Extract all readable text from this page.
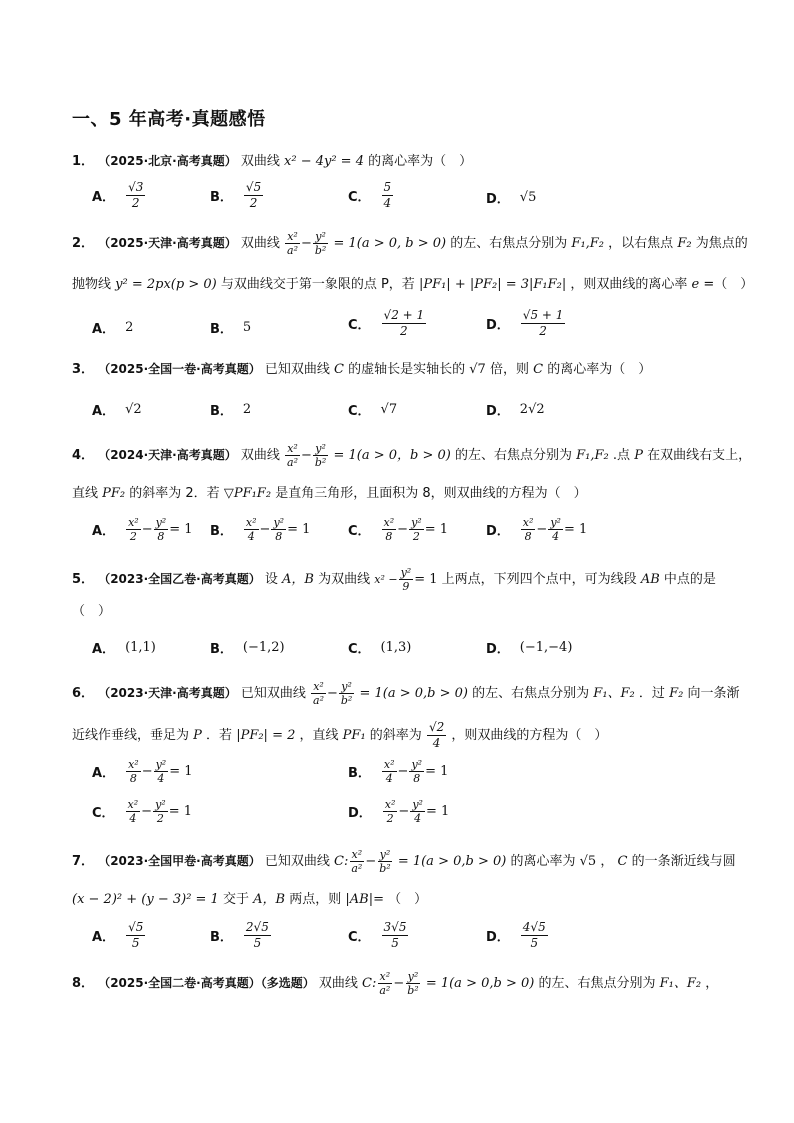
一、5 年高考·真题感悟
1． （2025·北京·高考真题） 双曲线 x² − 4y² = 4 的离心率为（　）
A． $\frac{√3}{2}$	B． $\frac{√5}{2}$	C． $\frac{5}{4}$	D． √5
2． （2025·天津·高考真题） 双曲线 $\frac{\text{x²}}{\text{a²}} - \frac{\text{y²}}{\text{b²}} = 1(a > 0$, b > 0) 的左、右焦点分别为 F₁,F₂ ，以右焦点 F₂ 为焦点的
抛物线 y² = 2px(p > 0) 与双曲线交于第一象限的点 P，若 |PF₁| + |PF₂| = 3|F₁F₂| ，则双曲线的离心率 e =（　）
A． 2	B． 5	C． $\frac{√2 + 1}{2}$	D． $\frac{√5 + 1}{2}$
3． （2025·全国一卷·高考真题） 已知双曲线 C 的虚轴长是实轴长的 √7 倍，则 C 的离心率为（　）
A． √2	B． 2	C． √7	D． 2√2
4． （2024·天津·高考真题） 双曲线 $\frac{\text{x²}}{\text{a²}} - \frac{\text{y²}}{\text{b²}} = 1(a > 0$，b > 0) 的左、右焦点分别为 F₁,F₂ .点 P 在双曲线右支上，
直线 PF₂ 的斜率为 2．若 ▽PF₁F₂ 是直角三角形，且面积为 8，则双曲线的方程为（　）
A． $\frac{\text{x²}}{2} - \frac{\text{y²}}{8} = 1$ B． $\frac{\text{x²}}{4} - \frac{\text{y²}}{8} = 1$	C． $\frac{\text{x²}}{8} - \frac{\text{y²}}{2} = 1$	D． $\frac{\text{x²}}{8} - \frac{\text{y²}}{4} = 1$
5． （2023·全国乙卷·高考真题） 设 A，B 为双曲线 $x^2 - \frac{\text{y²}}{9} = 1$ 上两点，下列四个点中，可为线段 AB 中点的是
（　）
A． (1,1)	B． (−1,2)	C． (1,3)	D． (−1,−4)
6． （2023·天津·高考真题） 已知双曲线 $\frac{\text{x²}}{\text{a²}} - \frac{\text{y²}}{\text{b²}} = 1(a > 0,b > 0)$ 的左、右焦点分别为 F₁、F₂ ．过 F₂ 向一条渐
近线作垂线，垂足为 P ．若 |PF₂| = 2 ，直线 PF₁ 的斜率为 $\frac{√2}{4}$ ，则双曲线的方程为（　）
A． $\frac{\text{x²}}{8} - \frac{\text{y²}}{4} = 1$	B． $\frac{\text{x²}}{4} - \frac{\text{y²}}{8} = 1$
C． $\frac{\text{x²}}{4} - \frac{\text{y²}}{2} = 1$	D． $\frac{\text{x²}}{2} - \frac{\text{y²}}{4} = 1$
7． （2023·全国甲卷·高考真题） 已知双曲线 C: $\frac{\text{x²}}{\text{a²}} - \frac{\text{y²}}{\text{b²}} = 1(a > 0,b > 0)$ 的离心率为 √5 ， C 的一条渐近线与圆
(x − 2)² + (y − 3)² = 1 交于 A，B 两点，则 |AB|= （　）
A． $\frac{√5}{5}$	B． $\frac{2√5}{5}$	C． $\frac{3√5}{5}$	D． $\frac{4√5}{5}$
8． （2025·全国二卷·高考真题）（多选题） 双曲线 C: $\frac{\text{x²}}{\text{a²}} - \frac{\text{y²}}{\text{b²}} = 1(a > 0,b > 0)$ 的左、右焦点分别为 F₁、F₂ ，
